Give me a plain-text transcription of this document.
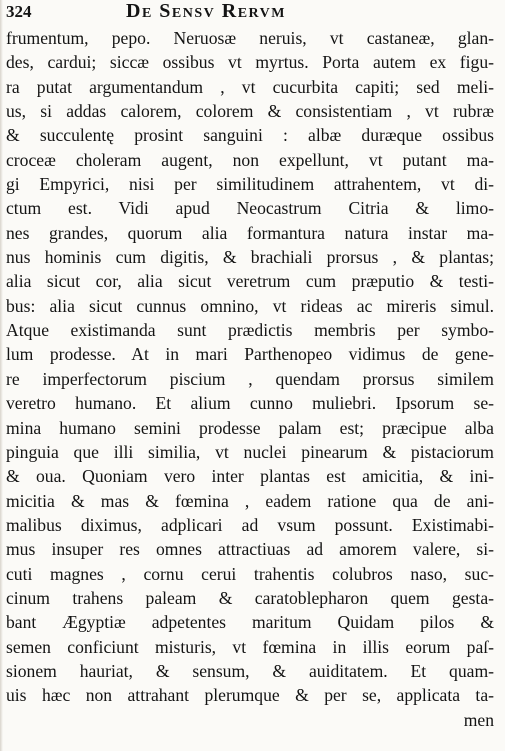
324	De Sensv Rervm
frumentum, pepo. Neruosæ neruis, vt castaneæ, glan-
des, cardui; siccæ ossibus vt myrtus. Porta autem ex figu-
ra putat argumentandum , vt cucurbita capiti; sed meli-
us, si addas calorem, colorem & consistentiam , vt rubræ
& succulentę prosint sanguini : albæ duræque ossibus
croceæ choleram augent, non expellunt, vt putant ma-
gi Empyrici, nisi per similitudinem attrahentem, vt di-
ctum est. Vidi apud Neocastrum Citria & limo-
nes grandes, quorum alia formantura natura instar ma-
nus hominis cum digitis, & brachiali prorsus , & plantas;
alia sicut cor, alia sicut veretrum cum præputio & testi-
bus: alia sicut cunnus omnino, vt rideas ac mireris simul.
Atque existimanda sunt prædictis membris per symbo-
lum prodesse. At in mari Parthenopeo vidimus de gene-
re imperfectorum piscium , quendam prorsus similem
veretro humano. Et alium cunno muliebri. Ipsorum se-
mina humano semini prodesse palam est; præcipue alba
pinguia que illi similia, vt nuclei pinearum & pistaciorum
& oua. Quoniam vero inter plantas est amicitia, & ini-
micitia & mas & fœmina , eadem ratione qua de ani-
malibus diximus, adplicari ad vsum possunt. Existimabi-
mus insuper res omnes attractiuas ad amorem valere, si-
cuti magnes , cornu cerui trahentis colubros naso, suc-
cinum trahens paleam & caratoblepharon quem gesta-
bant Ægyptiæ adpetentes maritum Quidam pilos &
semen conficiunt misturis, vt fœmina in illis eorum paſ-
sionem hauriat, & sensum, & auiditatem. Et quam-
uis hæc non attrahant plerumque & per se, applicata ta-
men
